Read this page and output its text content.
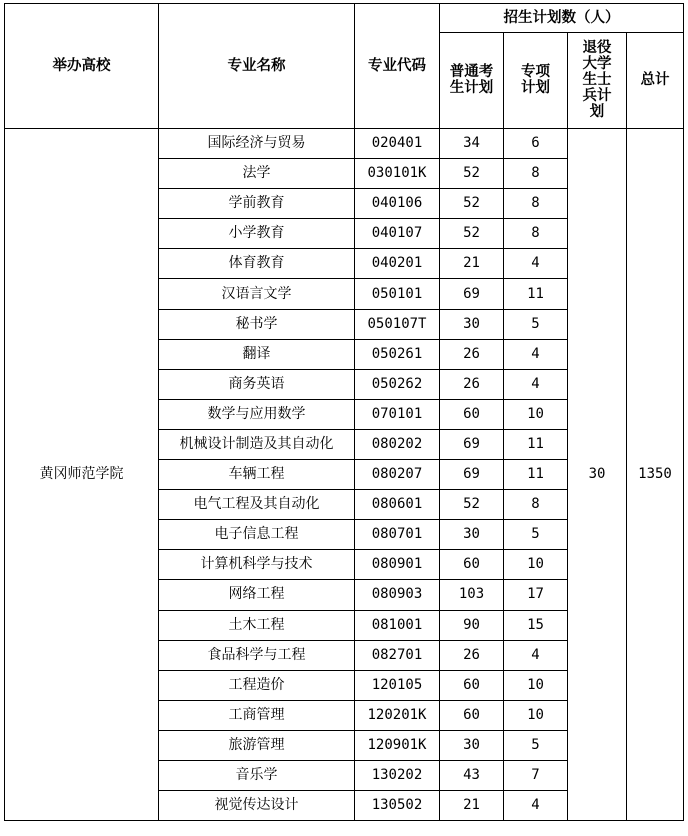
举办高校	专业名称	专业代码	招生计划数（人）			
			普通考生计划	专项计划	退役大学生士兵计划	总计
黄冈师范学院	国际经济与贸易	020401	34	6	30	1350
	法学	030101K	52	8		
	学前教育	040106	52	8		
	小学教育	040107	52	8		
	体育教育	040201	21	4		
	汉语言文学	050101	69	11		
	秘书学	050107T	30	5		
	翻译	050261	26	4		
	商务英语	050262	26	4		
	数学与应用数学	070101	60	10		
	机械设计制造及其自动化	080202	69	11		
	车辆工程	080207	69	11		
	电气工程及其自动化	080601	52	8		
	电子信息工程	080701	30	5		
	计算机科学与技术	080901	60	10		
	网络工程	080903	103	17		
	土木工程	081001	90	15		
	食品科学与工程	082701	26	4		
	工程造价	120105	60	10		
	工商管理	120201K	60	10		
	旅游管理	120901K	30	5		
	音乐学	130202	43	7		
	视觉传达设计	130502	21	4		
